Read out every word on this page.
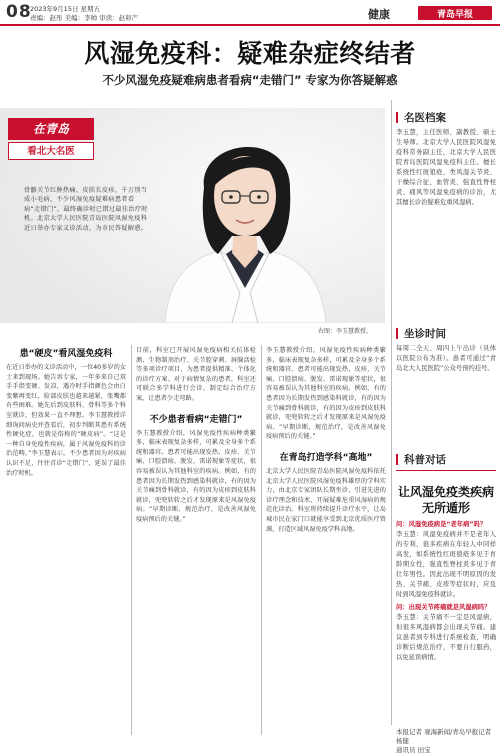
08
2023年9月15日 星期五
责编：赵彤 美编：李帅 审读：赵卯产	健康	青岛早报
风湿免疫科：疑难杂症终结者
不少风湿免疫疑难病患者看病“走错门” 专家为你答疑解惑
在青岛
看北大名医
骨骼关节红肿热痛、皮肤长皮疹，千万别当成小毛病，不少风湿免疫疑难病患者看病“走错门”，最终确诊时已错过最佳治疗时机。北京大学人民医院青岛医院风湿免疫科近日举办专家义诊活动，为市民答疑解惑。
右图：李玉慧教授。
名医档案
李玉慧，主任医师、副教授、硕士生导师。北京大学人民医院风湿免疫科常务副主任，北京大学人民医院青岛医院风湿免疫科主任。擅长系统性红斑狼疮、类风湿关节炎、干燥综合征、血管炎、强直性脊柱炎、痛风等风湿免疫病的诊治，尤其擅长诊治疑难危重风湿病。
坐诊时间
每周二全天、周四上午出诊（具体以医院公布为准）。患者可通过“青岛北大人民医院”公众号预约挂号。
科普对话
让风湿免疫类疾病无所遁形
问：风湿免疫病是“老年病”吗？
李玉慧：风湿免疫病并不是老年人的专利，很多疾病在年轻人中同样高发，如系统性红斑狼疮多见于育龄期女性，强直性脊柱炎多见于青壮年男性。因此出现不明原因的发热、关节痛、皮疹等症状时，应及时到风湿免疫科就诊。
问：出现关节疼痛就是风湿病吗？
李玉慧：关节痛不一定是风湿病，但很多风湿病都会出现关节痛。建议患者到专科进行系统检查，明确诊断后规范治疗，不要自行服药，以免延误病情。
本报记者 观海新闻/青岛早报记者 杨健
通讯员 田宝
患“硬皮”看风湿免疫科
在近日举办的义诊活动中，一位40多岁的女士来到现场。她告诉专家，一年多来自己双手手指变硬、发凉，遇冷时手指颜色会由白变紫再变红，脸部皮肤也越来越紧，张嘴都有些困难。她先后到皮肤科、骨科等多个科室就诊，但效果一直不理想。李玉慧教授详细询问病史并查看后，初步判断其患有系统性硬化症，也就是俗称的“硬皮病”。“这是一种自身免疫性疾病，属于风湿免疫科的诊治范畴。”李玉慧表示，不少患者因为对疾病认识不足，往往首诊“走错门”，延误了最佳治疗时机。
目前，科室已开展风湿免疫病相关抗体检测、生物制剂治疗、关节腔穿刺、唇腺活检等多项诊疗项目，为患者提供精准、个体化的诊疗方案。对于病情复杂的患者，科室还可联合多学科进行会诊，制定综合治疗方案，让患者少走弯路。
不少患者看病“走错门”
李玉慧教授介绍，风湿免疫性疾病种类繁多，临床表现复杂多样，可累及全身多个系统和器官。患者可能出现发热、皮疹、关节痛、口腔溃疡、脱发、雷诺现象等症状，很容易被误认为其他科室的疾病。例如，有的患者因为长期发热到感染科就诊，有的因为关节痛到骨科就诊，有的因为皮疹到皮肤科就诊，兜兜转转之后才发现原来是风湿免疫病。“早期诊断、规范治疗，是改善风湿免疫病预后的关键。”
李玉慧教授介绍，风湿免疫性疾病种类繁多，临床表现复杂多样，可累及全身多个系统和器官。患者可能出现发热、皮疹、关节痛、口腔溃疡、脱发、雷诺现象等症状，很容易被误认为其他科室的疾病。例如，有的患者因为长期发热到感染科就诊，有的因为关节痛到骨科就诊，有的因为皮疹到皮肤科就诊，兜兜转转之后才发现原来是风湿免疫病。“早期诊断、规范治疗，是改善风湿免疫病预后的关键。”
在青岛打造学科“高地”
北京大学人民医院青岛医院风湿免疫科依托北京大学人民医院风湿免疫科雄厚的学科实力，由北京专家团队长期坐诊，引进先进的诊疗理念和技术，开展疑难危重风湿病的规范化诊治。科室将持续提升诊疗水平，让岛城市民在家门口就能享受到北京优质医疗资源，打造区域风湿免疫学科高地。
